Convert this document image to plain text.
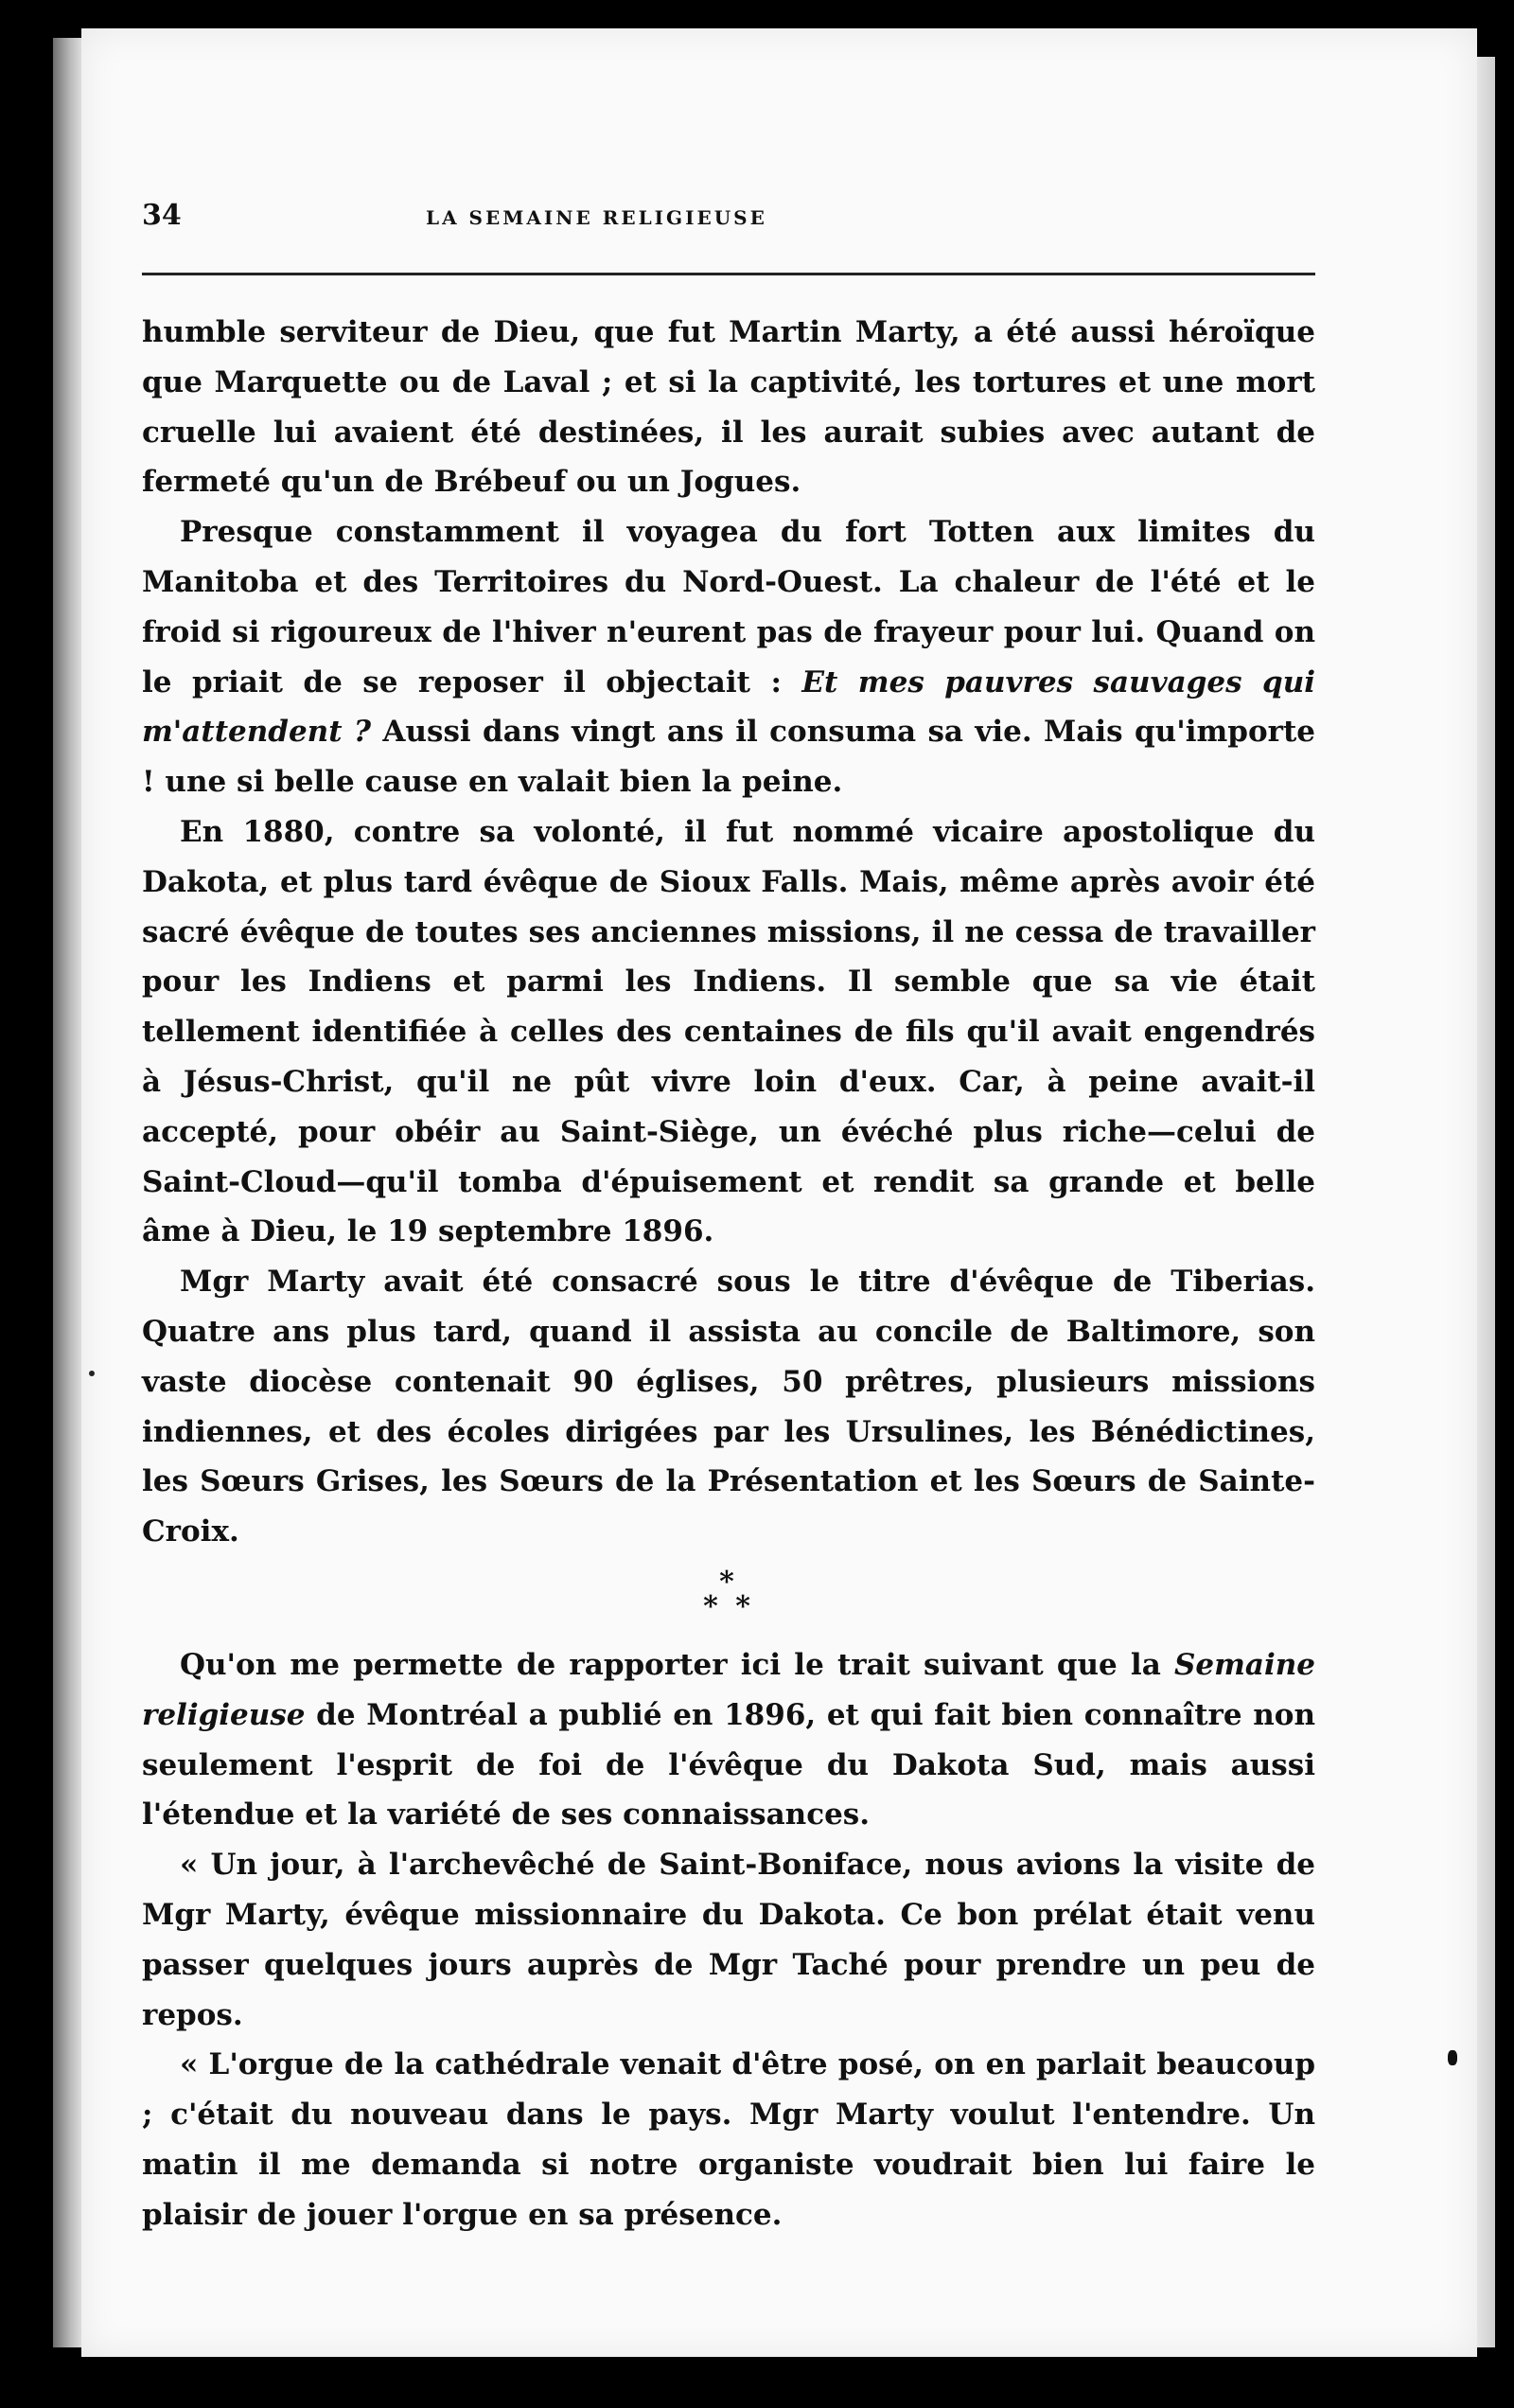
34	LA SEMAINE RELIGIEUSE

humble serviteur de Dieu, que fut Martin Marty, a été aussi héroïque que Marquette ou de Laval ; et si la captivité, les tortures et une mort cruelle lui avaient été destinées, il les aurait subies avec autant de fermeté qu'un de Brébeuf ou un Jogues.

Presque constamment il voyagea du fort Totten aux limites du Manitoba et des Territoires du Nord-Ouest. La chaleur de l'été et le froid si rigoureux de l'hiver n'eurent pas de frayeur pour lui. Quand on le priait de se reposer il objectait : Et mes pauvres sauvages qui m'attendent ? Aussi dans vingt ans il consuma sa vie. Mais qu'importe ! une si belle cause en valait bien la peine.

En 1880, contre sa volonté, il fut nommé vicaire apostolique du Dakota, et plus tard évêque de Sioux Falls. Mais, même après avoir été sacré évêque de toutes ses anciennes missions, il ne cessa de travailler pour les Indiens et parmi les Indiens. Il semble que sa vie était tellement identifiée à celles des centaines de fils qu'il avait engendrés à Jésus-Christ, qu'il ne pût vivre loin d'eux. Car, à peine avait-il accepté, pour obéir au Saint-Siège, un évéché plus riche—celui de Saint-Cloud—qu'il tomba d'épuisement et rendit sa grande et belle âme à Dieu, le 19 septembre 1896.

Mgr Marty avait été consacré sous le titre d'évêque de Tiberias. Quatre ans plus tard, quand il assista au concile de Baltimore, son vaste diocèse contenait 90 églises, 50 prêtres, plusieurs missions indiennes, et des écoles dirigées par les Ursulines, les Bénédictines, les Sœurs Grises, les Sœurs de la Présentation et les Sœurs de Sainte-Croix.

*
* *

Qu'on me permette de rapporter ici le trait suivant que la Semaine religieuse de Montréal a publié en 1896, et qui fait bien connaître non seulement l'esprit de foi de l'évêque du Dakota Sud, mais aussi l'étendue et la variété de ses connaissances.

« Un jour, à l'archevêché de Saint-Boniface, nous avions la visite de Mgr Marty, évêque missionnaire du Dakota. Ce bon prélat était venu passer quelques jours auprès de Mgr Taché pour prendre un peu de repos.

« L'orgue de la cathédrale venait d'être posé, on en parlait beaucoup ; c'était du nouveau dans le pays. Mgr Marty voulut l'entendre. Un matin il me demanda si notre organiste voudrait bien lui faire le plaisir de jouer l'orgue en sa présence.
